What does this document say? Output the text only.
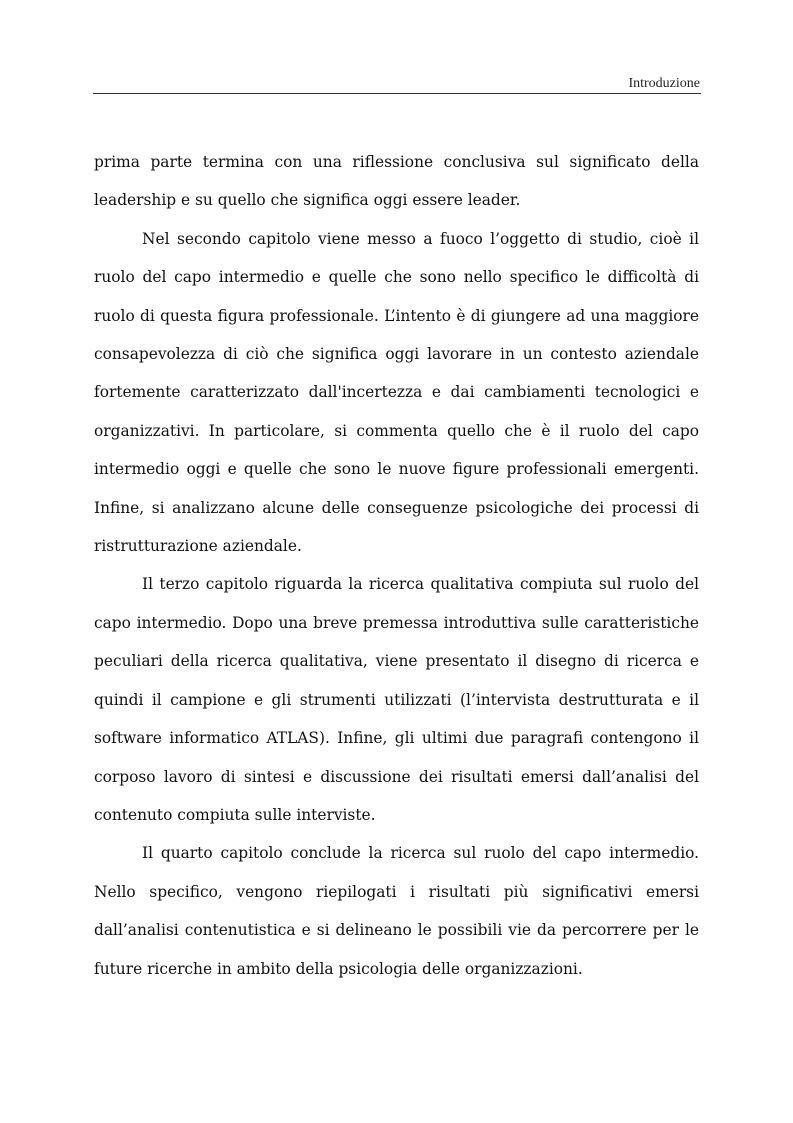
Introduzione

prima parte termina con una riflessione conclusiva sul significato della leadership e su quello che significa oggi essere leader.

Nel secondo capitolo viene messo a fuoco l’oggetto di studio, cioè il ruolo del capo intermedio e quelle che sono nello specifico le difficoltà di ruolo di questa figura professionale. L’intento è di giungere ad una maggiore consapevolezza di ciò che significa oggi lavorare in un contesto aziendale fortemente caratterizzato dall'incertezza e dai cambiamenti tecnologici e organizzativi. In particolare, si commenta quello che è il ruolo del capo intermedio oggi e quelle che sono le nuove figure professionali emergenti. Infine, si analizzano alcune delle conseguenze psicologiche dei processi di ristrutturazione aziendale.

Il terzo capitolo riguarda la ricerca qualitativa compiuta sul ruolo del capo intermedio. Dopo una breve premessa introduttiva sulle caratteristiche peculiari della ricerca qualitativa, viene presentato il disegno di ricerca e quindi il campione e gli strumenti utilizzati (l’intervista destrutturata e il software informatico ATLAS). Infine, gli ultimi due paragrafi contengono il corposo lavoro di sintesi e discussione dei risultati emersi dall’analisi del contenuto compiuta sulle interviste.

Il quarto capitolo conclude la ricerca sul ruolo del capo intermedio. Nello specifico, vengono riepilogati i risultati più significativi emersi dall’analisi contenutistica e si delineano le possibili vie da percorrere per le future ricerche in ambito della psicologia delle organizzazioni.
